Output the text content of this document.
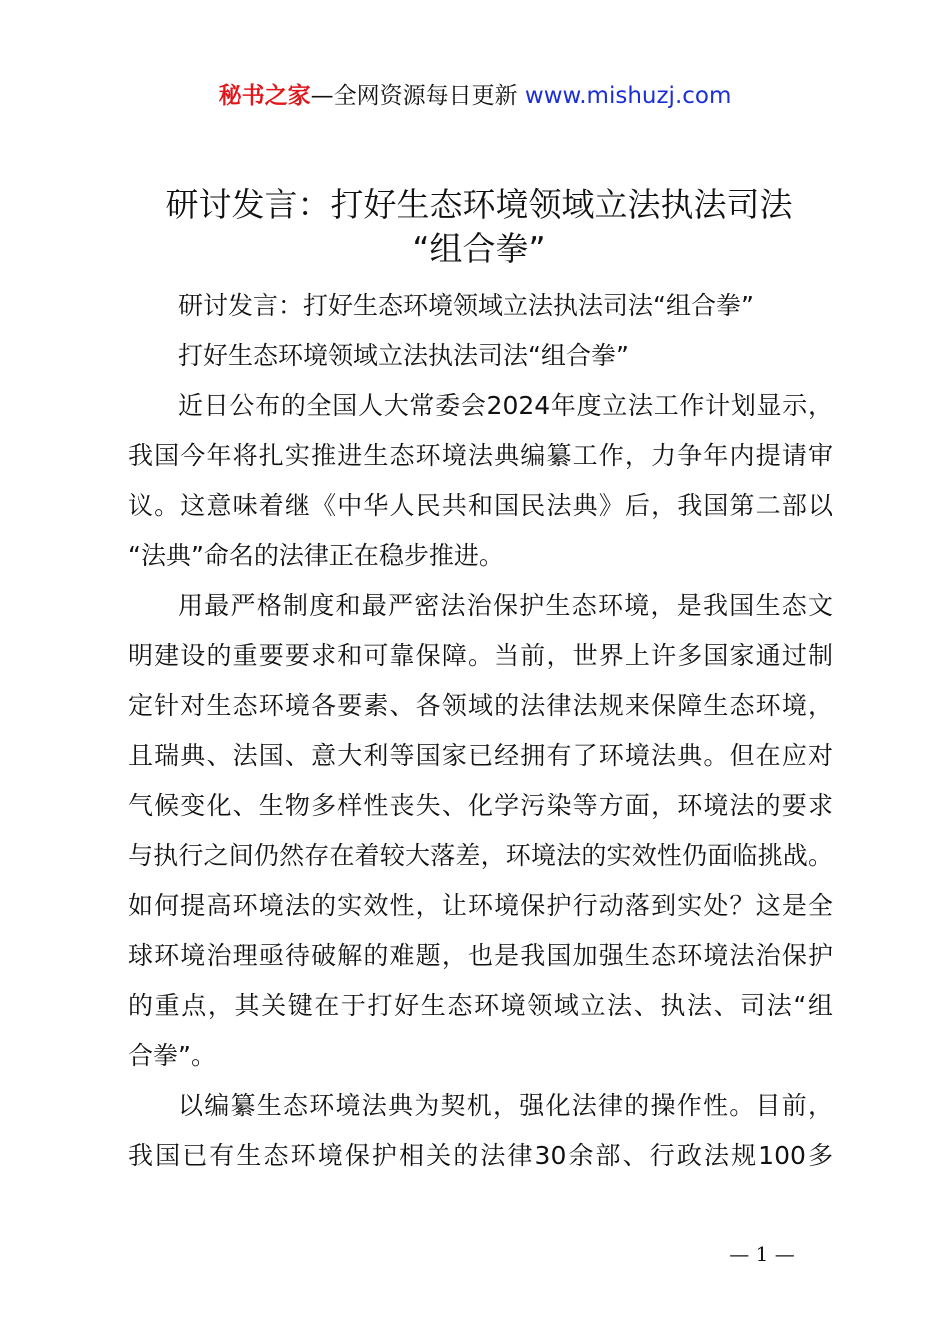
秘书之家—全网资源每日更新 www.mishuzj.com
研讨发言：打好生态环境领域立法执法司法
“组合拳”
研讨发言：打好生态环境领域立法执法司法“组合拳”
打好生态环境领域立法执法司法“组合拳”
近日公布的全国人大常委会2024年度立法工作计划显示，
我国今年将扎实推进生态环境法典编纂工作，力争年内提请审
议。这意味着继《中华人民共和国民法典》后，我国第二部以
“法典”命名的法律正在稳步推进。
用最严格制度和最严密法治保护生态环境，是我国生态文
明建设的重要要求和可靠保障。当前，世界上许多国家通过制
定针对生态环境各要素、各领域的法律法规来保障生态环境，
且瑞典、法国、意大利等国家已经拥有了环境法典。但在应对
气候变化、生物多样性丧失、化学污染等方面，环境法的要求
与执行之间仍然存在着较大落差，环境法的实效性仍面临挑战。
如何提高环境法的实效性，让环境保护行动落到实处？这是全
球环境治理亟待破解的难题，也是我国加强生态环境法治保护
的重点，其关键在于打好生态环境领域立法、执法、司法“组
合拳”。
以编纂生态环境法典为契机，强化法律的操作性。目前，
我国已有生态环境保护相关的法律30余部、行政法规100多
— 1 —
